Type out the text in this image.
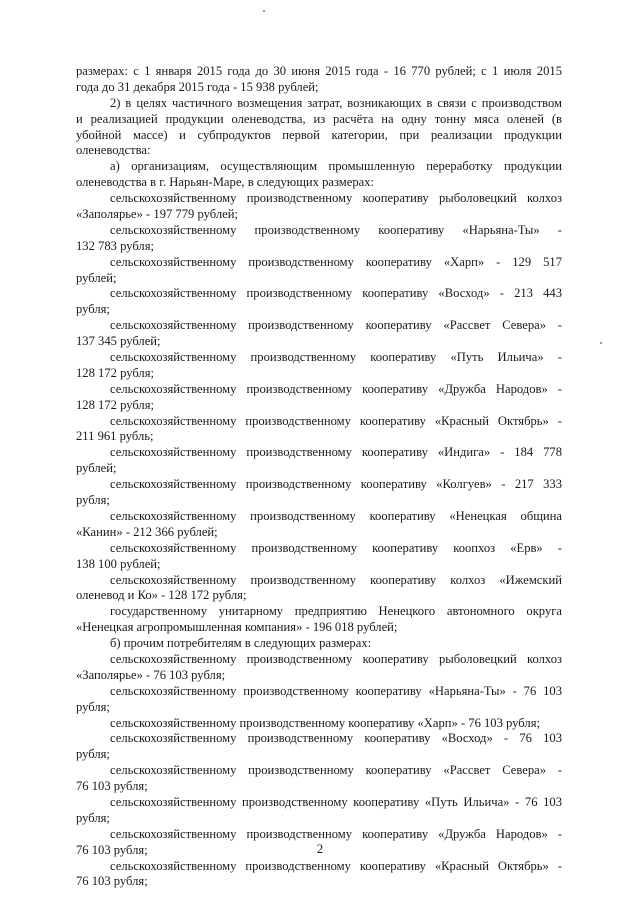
размерах: с 1 января 2015 года до 30 июня 2015 года - 16 770 рублей; с 1 июля 2015
года до 31 декабря 2015 года - 15 938 рублей;
2) в целях частичного возмещения затрат, возникающих в связи с производством
и реализацией продукции оленеводства, из расчёта на одну тонну мяса оленей (в
убойной массе) и субпродуктов первой категории, при реализации продукции
оленеводства:
а) организациям, осуществляющим промышленную переработку продукции
оленеводства в г. Нарьян-Маре, в следующих размерах:
сельскохозяйственному производственному кооперативу рыболовецкий колхоз
«Заполярье» - 197 779 рублей;
сельскохозяйственному производственному кооперативу «Нарьяна-Ты» -
132 783 рубля;
сельскохозяйственному производственному кооперативу «Харп» - 129 517
рублей;
сельскохозяйственному производственному кооперативу «Восход» - 213 443
рубля;
сельскохозяйственному производственному кооперативу «Рассвет Севера» -
137 345 рублей;
сельскохозяйственному производственному кооперативу «Путь Ильича» -
128 172 рубля;
сельскохозяйственному производственному кооперативу «Дружба Народов» -
128 172 рубля;
сельскохозяйственному производственному кооперативу «Красный Октябрь» -
211 961 рубль;
сельскохозяйственному производственному кооперативу «Индига» - 184 778
рублей;
сельскохозяйственному производственному кооперативу «Колгуев» - 217 333
рубля;
сельскохозяйственному производственному кооперативу «Ненецкая община
«Канин» - 212 366 рублей;
сельскохозяйственному производственному кооперативу коопхоз «Ерв» -
138 100 рублей;
сельскохозяйственному производственному кооперативу колхоз «Ижемский
оленевод и Ко» - 128 172 рубля;
государственному унитарному предприятию Ненецкого автономного округа
«Ненецкая агропромышленная компания» - 196 018 рублей;
б) прочим потребителям в следующих размерах:
сельскохозяйственному производственному кооперативу рыболовецкий колхоз
«Заполярье» - 76 103 рубля;
сельскохозяйственному производственному кооперативу «Нарьяна-Ты» - 76 103
рубля;
сельскохозяйственному производственному кооперативу «Харп» - 76 103 рубля;
сельскохозяйственному производственному кооперативу «Восход» - 76 103
рубля;
сельскохозяйственному производственному кооперативу «Рассвет Севера» -
76 103 рубля;
сельскохозяйственному производственному кооперативу «Путь Ильича» - 76 103
рубля;
сельскохозяйственному производственному кооперативу «Дружба Народов» -
76 103 рубля;
сельскохозяйственному производственному кооперативу «Красный Октябрь» -
76 103 рубля;
2
